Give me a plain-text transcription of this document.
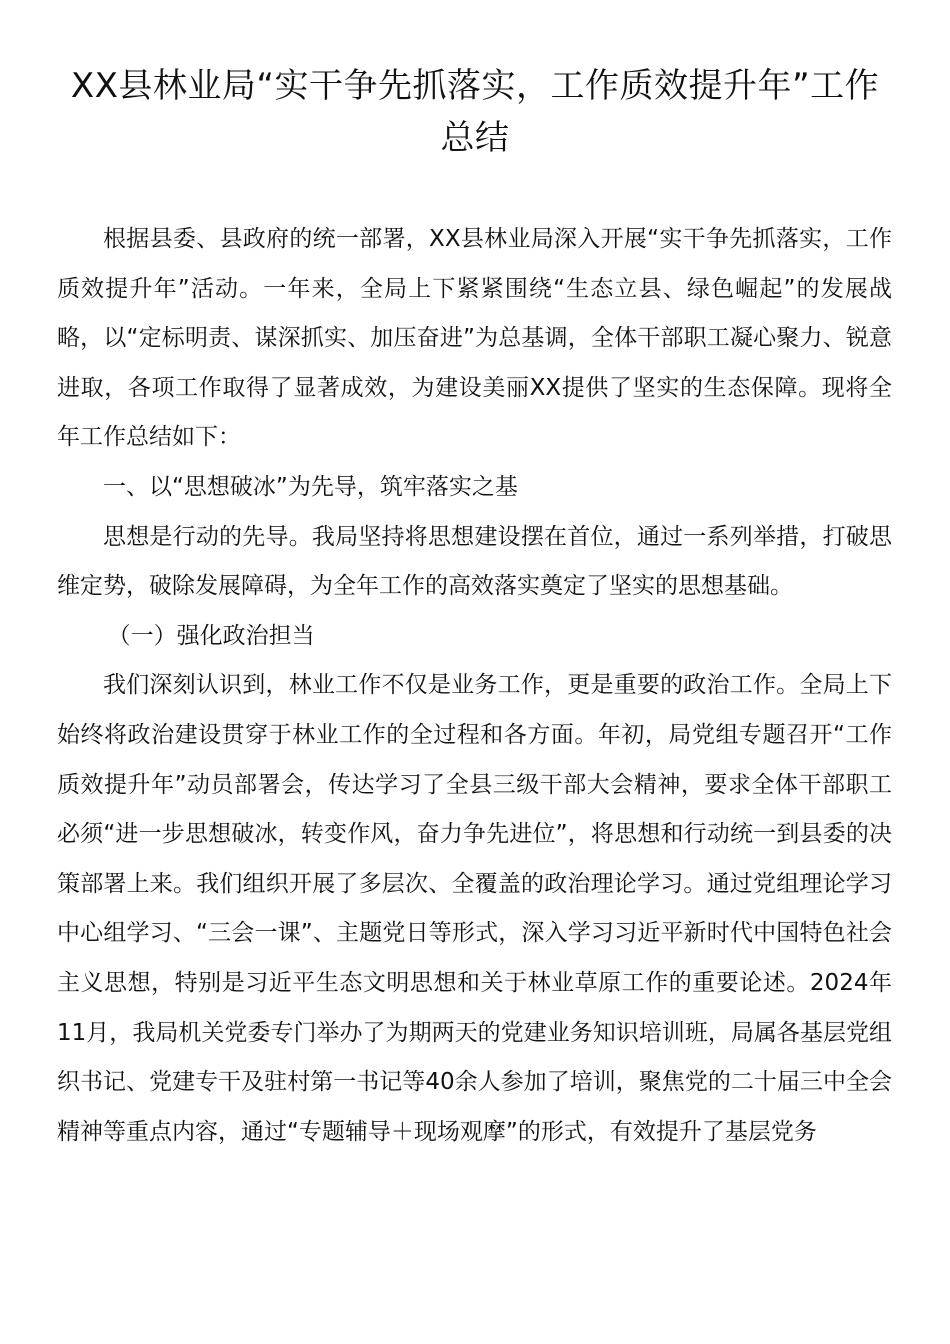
XX县林业局“实干争先抓落实，工作质效提升年”工作总结

根据县委、县政府的统一部署，XX县林业局深入开展“实干争先抓落实，工作质效提升年”活动。一年来，全局上下紧紧围绕“生态立县、绿色崛起”的发展战略，以“定标明责、谋深抓实、加压奋进”为总基调，全体干部职工凝心聚力、锐意进取，各项工作取得了显著成效，为建设美丽XX提供了坚实的生态保障。现将全年工作总结如下：

一、以“思想破冰”为先导，筑牢落实之基

思想是行动的先导。我局坚持将思想建设摆在首位，通过一系列举措，打破思维定势，破除发展障碍，为全年工作的高效落实奠定了坚实的思想基础。

（一）强化政治担当

我们深刻认识到，林业工作不仅是业务工作，更是重要的政治工作。全局上下始终将政治建设贯穿于林业工作的全过程和各方面。年初，局党组专题召开“工作质效提升年”动员部署会，传达学习了全县三级干部大会精神，要求全体干部职工必须“进一步思想破冰，转变作风，奋力争先进位”，将思想和行动统一到县委的决策部署上来。我们组织开展了多层次、全覆盖的政治理论学习。通过党组理论学习中心组学习、“三会一课”、主题党日等形式，深入学习习近平新时代中国特色社会主义思想，特别是习近平生态文明思想和关于林业草原工作的重要论述。2024年11月，我局机关党委专门举办了为期两天的党建业务知识培训班，局属各基层党组织书记、党建专干及驻村第一书记等40余人参加了培训，聚焦党的二十届三中全会精神等重点内容，通过“专题辅导＋现场观摩”的形式，有效提升了基层党务
